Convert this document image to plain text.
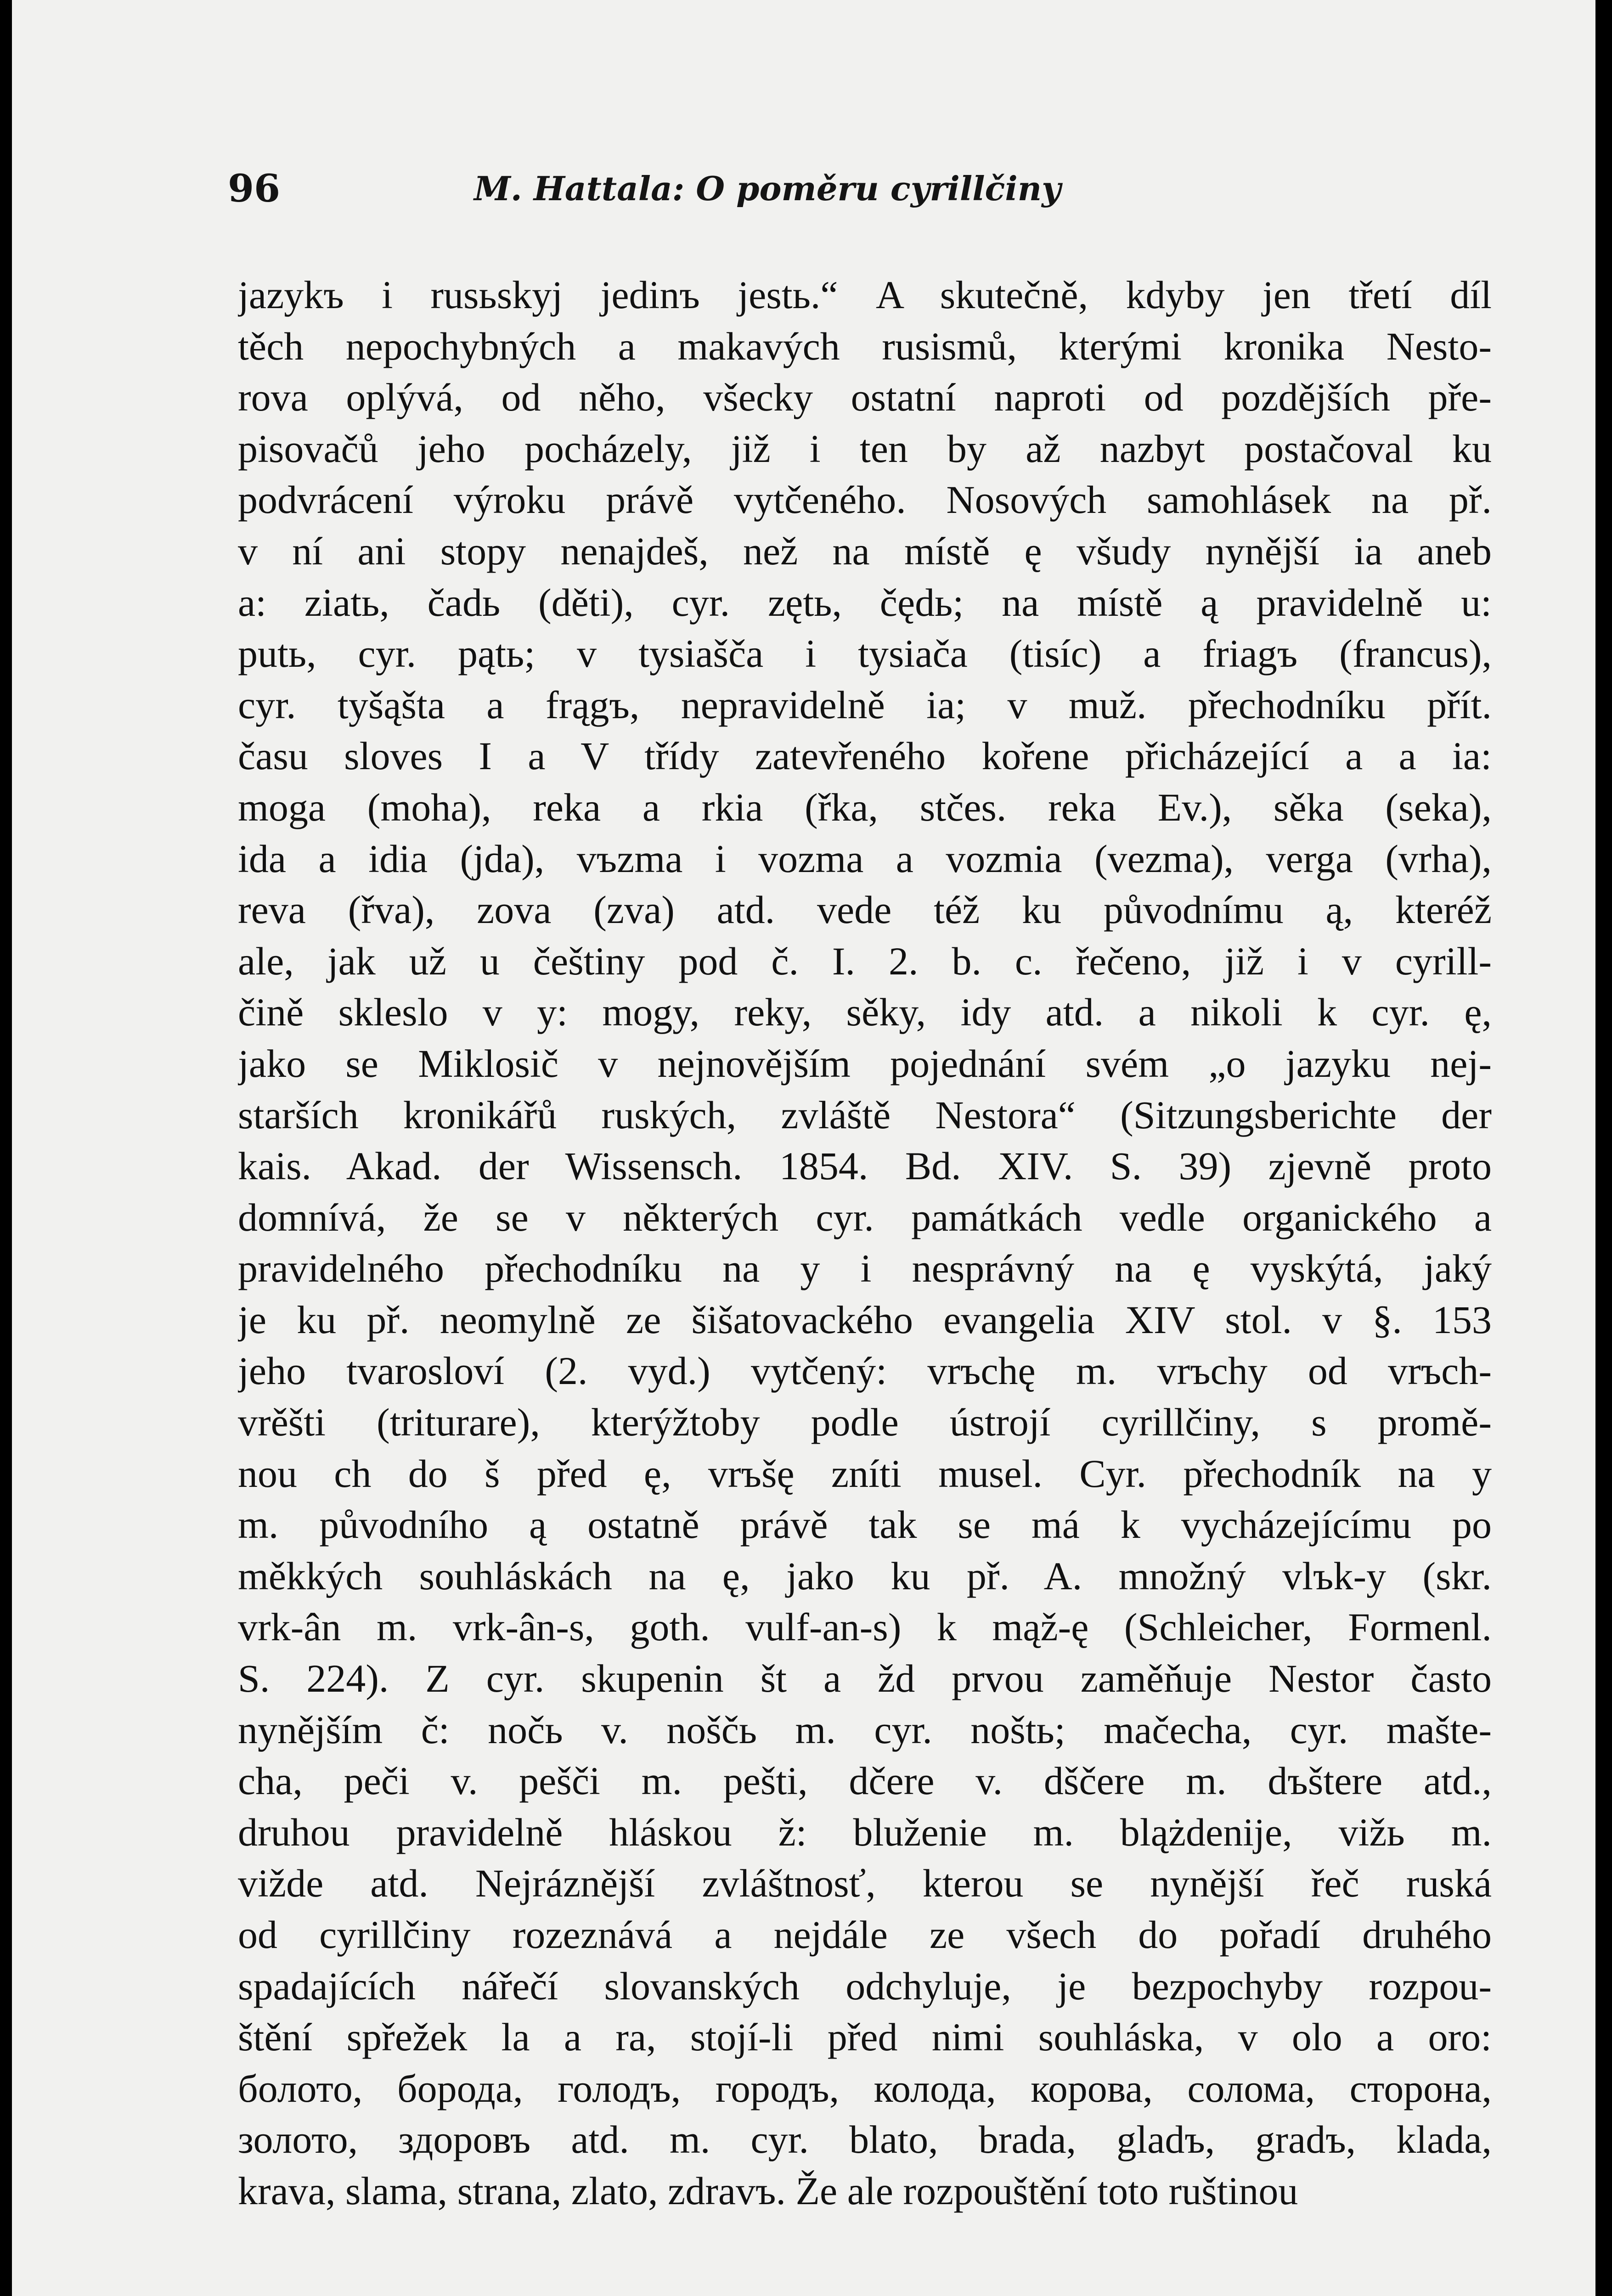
96	M. Hattala: O poměru cyrillčiny
jazykъ i rusьskyj jedinъ jestь.“ A skutečně, kdyby jen třetí díl
těch nepochybných a makavých rusismů, kterými kronika Nesto-
rova oplývá, od něho, všecky ostatní naproti od pozdějších pře-
pisovačů jeho pocházely, již i ten by až nazbyt postačoval ku
podvrácení výroku právě vytčeného. Nosových samohlásek na př.
v ní ani stopy nenajdeš, než na místě ę všudy nynější ia aneb
a: ziatь, čadь (děti), cyr. zętь, čędь; na místě ą pravidelně u:
putь, cyr. pątь; v tysiašča i tysiača (tisíc) a friagъ (francus),
cyr. tyšąšta a frągъ, nepravidelně ia; v muž. přechodníku přít.
času sloves I a V třídy zatevřeného kořene přicházející a a ia:
moga (moha), reka a rkia (řka, stčes. reka Ev.), sěka (seka),
ida a idia (jda), vъzma i vozma a vozmia (vezma), verga (vrha),
reva (řva), zova (zva) atd. vede též ku původnímu ą, kteréž
ale, jak už u češtiny pod č. I. 2. b. c. řečeno, již i v cyrill-
čině skleslo v y: mogy, reky, sěky, idy atd. a nikoli k cyr. ę,
jako se Miklosič v nejnovějším pojednání svém „o jazyku nej-
starších kronikářů ruských, zvláště Nestora“ (Sitzungsberichte der
kais. Akad. der Wissensch. 1854. Bd. XIV. S. 39) zjevně proto
domnívá, že se v některých cyr. památkách vedle organického a
pravidelného přechodníku na y i nesprávný na ę vyskýtá, jaký
je ku př. neomylně ze šišatovackého evangelia XIV stol. v §. 153
jeho tvarosloví (2. vyd.) vytčený: vrъchę m. vrъchy od vrъch-
vrěšti (triturare), kterýžtoby podle ústrojí cyrillčiny, s promě-
nou ch do š před ę, vrъšę zníti musel. Cyr. přechodník na y
m. původního ą ostatně právě tak se má k vycházejícímu po
měkkých souhláskách na ę, jako ku př. A. množný vlъk-y (skr.
vrk-ân m. vrk-ân-s, goth. vulf-an-s) k mąž-ę (Schleicher, Formenl.
S. 224). Z cyr. skupenin št a žd prvou zaměňuje Nestor často
nynějším č: nočь v. noščь m. cyr. noštь; mačecha, cyr. mašte-
cha, peči v. pešči m. pešti, dčere v. dščere m. dъštere atd.,
druhou pravidelně hláskou ž: bluženie m. blążdenije, vižь m.
vižde atd. Nejráznější zvláštnosť, kterou se nynější řeč ruská
od cyrillčiny rozeznává a nejdále ze všech do pořadí druhého
spadajících nářečí slovanských odchyluje, je bezpochyby rozpou-
štění spřežek la a ra, stojí-li před nimi souhláska, v olo a oro:
болото, борода, голодъ, городъ, колода, корова, солома, сторона,
золото, здоровъ atd. m. cyr. blato, brada, gladъ, gradъ, klada,
krava, slama, strana, zlato, zdravъ. Že ale rozpouštění toto ruštinou
